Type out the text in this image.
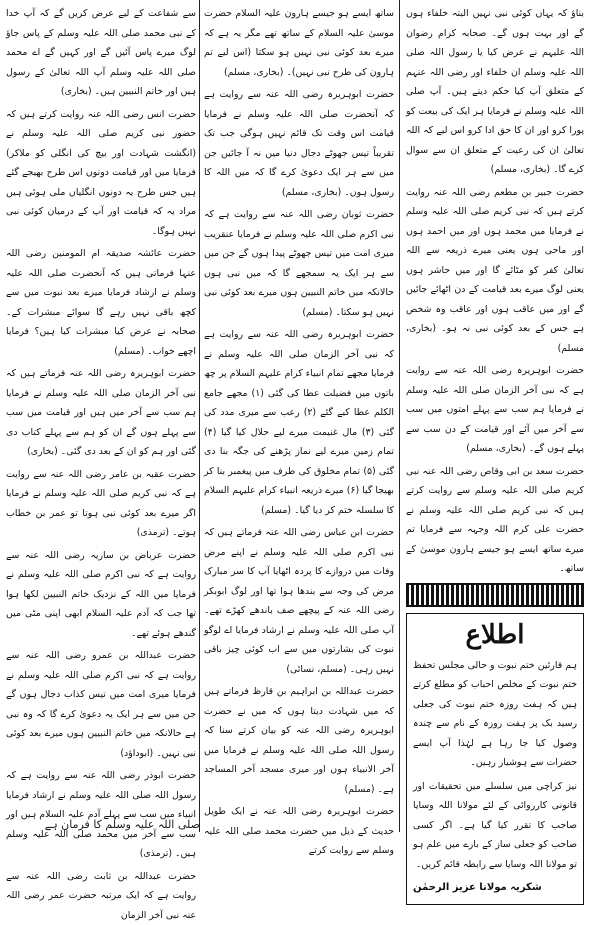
بناؤ کہ یہاں کوئی نبی نہیں البتہ خلفاء ہوں گے اور بہت ہوں گے۔ صحابہ کرام رضوان اللہ علیہم نے عرض کیا یا رسول اللہ صلی اللہ علیہ وسلم ان خلفاء اور رضی اللہ عنہم کے متعلق آپ کیا حکم دیتے ہیں۔ آپ صلی اللہ علیہ وسلم نے فرمایا ہر ایک کی بیعت کو پورا کرو اور ان کا حق ادا کرو اس لیے کہ اللہ تعالیٰ ان کی رعیت کے متعلق ان سے سوال کرے گا۔ (بخاری، مسلم)

حضرت جبیر بن مطعم رضی اللہ عنہ روایت کرتے ہیں کہ نبی کریم صلی اللہ علیہ وسلم نے فرمایا میں محمد ہوں اور میں احمد ہوں اور ماحی ہوں یعنی میرے ذریعہ سے اللہ تعالیٰ کفر کو مٹائے گا اور میں حاشر ہوں یعنی لوگ میرے بعد قیامت کے دن اٹھائے جائیں گے اور میں عاقب ہوں اور عاقب وہ شخص ہے جس کے بعد کوئی نبی نہ ہو۔ (بخاری، مسلم)

حضرت ابوہریرہ رضی اللہ عنہ سے روایت ہے کہ نبی آخر الزمان صلی اللہ علیہ وسلم نے فرمایا ہم سب سے پہلے امتوں میں سب سے آخر میں آئے اور قیامت کے دن سب سے پہلے ہوں گے۔ (بخاری، مسلم)

حضرت سعد بن ابی وقاص رضی اللہ عنہ نبی کریم صلی اللہ علیہ وسلم سے روایت کرتے ہیں کہ نبی کریم صلی اللہ علیہ وسلم نے حضرت علی کرم اللہ وجہہ سے فرمایا تم میرے ساتھ ایسے ہو جیسے ہارون موسیٰ کے ساتھ۔

اطلاع

ہم قارئین ختم نبوت و حالی مجلس تحفظ ختم نبوت کے مخلص احباب کو مطلع کرتے ہیں کہ ہفت روزہ ختم نبوت کی جعلی رسید بک پر ہفت روزہ کے نام سے چندہ وصول کیا جا رہا ہے لہٰذا آپ ایسے حضرات سے ہوشیار رہیں۔

نیز کراچی میں سلسلے میں تحقیقات اور قانونی کارروائی کے لئے مولانا اللہ وسایا صاحب کا تقرر کیا گیا ہے۔ اگر کسی صاحب کو جعلی ساز کے بارے میں علم ہو تو مولانا اللہ وسایا سے رابطہ قائم کریں۔

شکریہ مولانا عزیز الرحمٰن

ساتھ ایسے ہو جیسے ہارون علیہ السلام حضرت موسیٰ علیہ السلام کے ساتھ تھے مگر یہ ہے کہ میرے بعد کوئی نبی نہیں ہو سکتا (اس لیے تم ہارون کی طرح نبی نہیں)۔ (بخاری، مسلم)

حضرت ابوہریرہ رضی اللہ عنہ سے روایت ہے کہ آنحضرت صلی اللہ علیہ وسلم نے فرمایا قیامت اس وقت تک قائم نہیں ہوگی جب تک تقریباً تیس جھوٹے دجال دنیا میں نہ آ جائیں جن میں سے ہر ایک دعویٰ کرے گا کہ میں اللہ کا رسول ہوں۔ (بخاری، مسلم)

حضرت ثوبان رضی اللہ عنہ سے روایت ہے کہ نبی اکرم صلی اللہ علیہ وسلم نے فرمایا عنقریب میری امت میں تیس جھوٹے پیدا ہوں گے جن میں سے ہر ایک یہ سمجھے گا کہ میں نبی ہوں حالانکہ میں خاتم النبیین ہوں میرے بعد کوئی نبی نہیں ہو سکتا۔ (مسلم)

حضرت ابوہریرہ رضی اللہ عنہ سے روایت ہے کہ نبی آخر الزمان صلی اللہ علیہ وسلم نے فرمایا مجھے تمام انبیاء کرام علیہم السلام پر چھ باتوں میں فضیلت عطا کی گئی (۱) مجھے جامع الکلم عطا کیے گئے (۲) رعب سے میری مدد کی گئی (۳) مال غنیمت میرے لیے حلال کیا گیا (۴) تمام زمین میرے لیے نماز پڑھنے کی جگہ بنا دی گئی (۵) تمام مخلوق کی طرف میں پیغمبر بنا کر بھیجا گیا (۶) میرے ذریعہ انبیاء کرام علیہم السلام کا سلسلہ ختم کر دیا گیا۔ (مسلم)

حضرت ابن عباس رضی اللہ عنہ فرماتے ہیں کہ نبی اکرم صلی اللہ علیہ وسلم نے اپنے مرض وفات میں دروازے کا پردہ اٹھایا آپ کا سر مبارک مرض کی وجہ سے بندھا ہوا تھا اور لوگ ابوبکر رضی اللہ عنہ کے پیچھے صف باندھے کھڑے تھے۔ آپ صلی اللہ علیہ وسلم نے ارشاد فرمایا اے لوگو نبوت کی بشارتوں میں سے اب کوئی چیز باقی نہیں رہی۔ (مسلم، نسائی)

حضرت عبداللہ بن ابراہیم بن قارظ فرماتے ہیں کہ میں شہادت دیتا ہوں کہ میں نے حضرت ابوہریرہ رضی اللہ عنہ کو بیان کرتے سنا کہ رسول اللہ صلی اللہ علیہ وسلم نے فرمایا میں آخر الانبیاء ہوں اور میری مسجد آخر المساجد ہے۔ (مسلم)

حضرت ابوہریرہ رضی اللہ عنہ نے ایک طویل حدیث کے ذیل میں حضرت محمد صلی اللہ علیہ وسلم سے روایت کرتے

سے شفاعت کے لیے عرض کریں گے کہ آپ خدا کے نبی محمد صلی اللہ علیہ وسلم کے پاس جاؤ لوگ میرے پاس آئیں گے اور کہیں گے اے محمد صلی اللہ علیہ وسلم آپ اللہ تعالیٰ کے رسول ہیں اور خاتم النبیین ہیں۔ (بخاری)

حضرت انس رضی اللہ عنہ روایت کرتے ہیں کہ حضور نبی کریم صلی اللہ علیہ وسلم نے (انگشت شہادت اور بیچ کی انگلی کو ملاکر) فرمایا میں اور قیامت دونوں اس طرح بھیجے گئے ہیں جس طرح یہ دونوں انگلیاں ملی ہوئی ہیں مراد یہ کہ قیامت اور آپ کے درمیان کوئی نبی نہیں ہوگا۔

حضرت عائشہ صدیقہ ام المومنین رضی اللہ عنہا فرماتی ہیں کہ آنحضرت صلی اللہ علیہ وسلم نے ارشاد فرمایا میرے بعد نبوت میں سے کچھ باقی نہیں رہے گا سوائے مبشرات کے۔ صحابہ نے عرض کیا مبشرات کیا ہیں؟ فرمایا اچھے خواب۔ (مسلم)

حضرت ابوہریرہ رضی اللہ عنہ فرماتے ہیں کہ نبی آخر الزمان صلی اللہ علیہ وسلم نے فرمایا ہم سب سے آخر میں ہیں اور قیامت میں سب سے پہلے ہوں گے ان کو ہم سے پہلے کتاب دی گئی اور ہم کو ان کے بعد دی گئی۔ (بخاری)

حضرت عقبہ بن عامر رضی اللہ عنہ سے روایت ہے کہ نبی کریم صلی اللہ علیہ وسلم نے فرمایا اگر میرے بعد کوئی نبی ہوتا تو عمر بن خطاب ہوتے۔ (ترمذی)

حضرت عرباض بن ساریہ رضی اللہ عنہ سے روایت ہے کہ نبی اکرم صلی اللہ علیہ وسلم نے فرمایا میں اللہ کے نزدیک خاتم النبیین لکھا ہوا تھا جب کہ آدم علیہ السلام ابھی اپنی مٹی میں گندھے ہوئے تھے۔

حضرت عبداللہ بن عمرو رضی اللہ عنہ سے روایت ہے کہ نبی اکرم صلی اللہ علیہ وسلم نے فرمایا میری امت میں تیس کذاب دجال ہوں گے جن میں سے ہر ایک یہ دعویٰ کرے گا کہ وہ نبی ہے حالانکہ میں خاتم النبیین ہوں میرے بعد کوئی نبی نہیں۔ (ابوداؤد)

حضرت ابوذر رضی اللہ عنہ سے روایت ہے کہ رسول اللہ صلی اللہ علیہ وسلم نے ارشاد فرمایا انبیاء میں سب سے پہلے آدم علیہ السلام ہیں اور سب سے آخر میں محمد صلی اللہ علیہ وسلم ہیں۔ (ترمذی)

حضرت عبداللہ بن ثابت رضی اللہ عنہ سے روایت ہے کہ ایک مرتبہ حضرت عمر رضی اللہ عنہ نبی آخر الزمان

صلی اللہ علیہ وسلم کا فرمان ہے
